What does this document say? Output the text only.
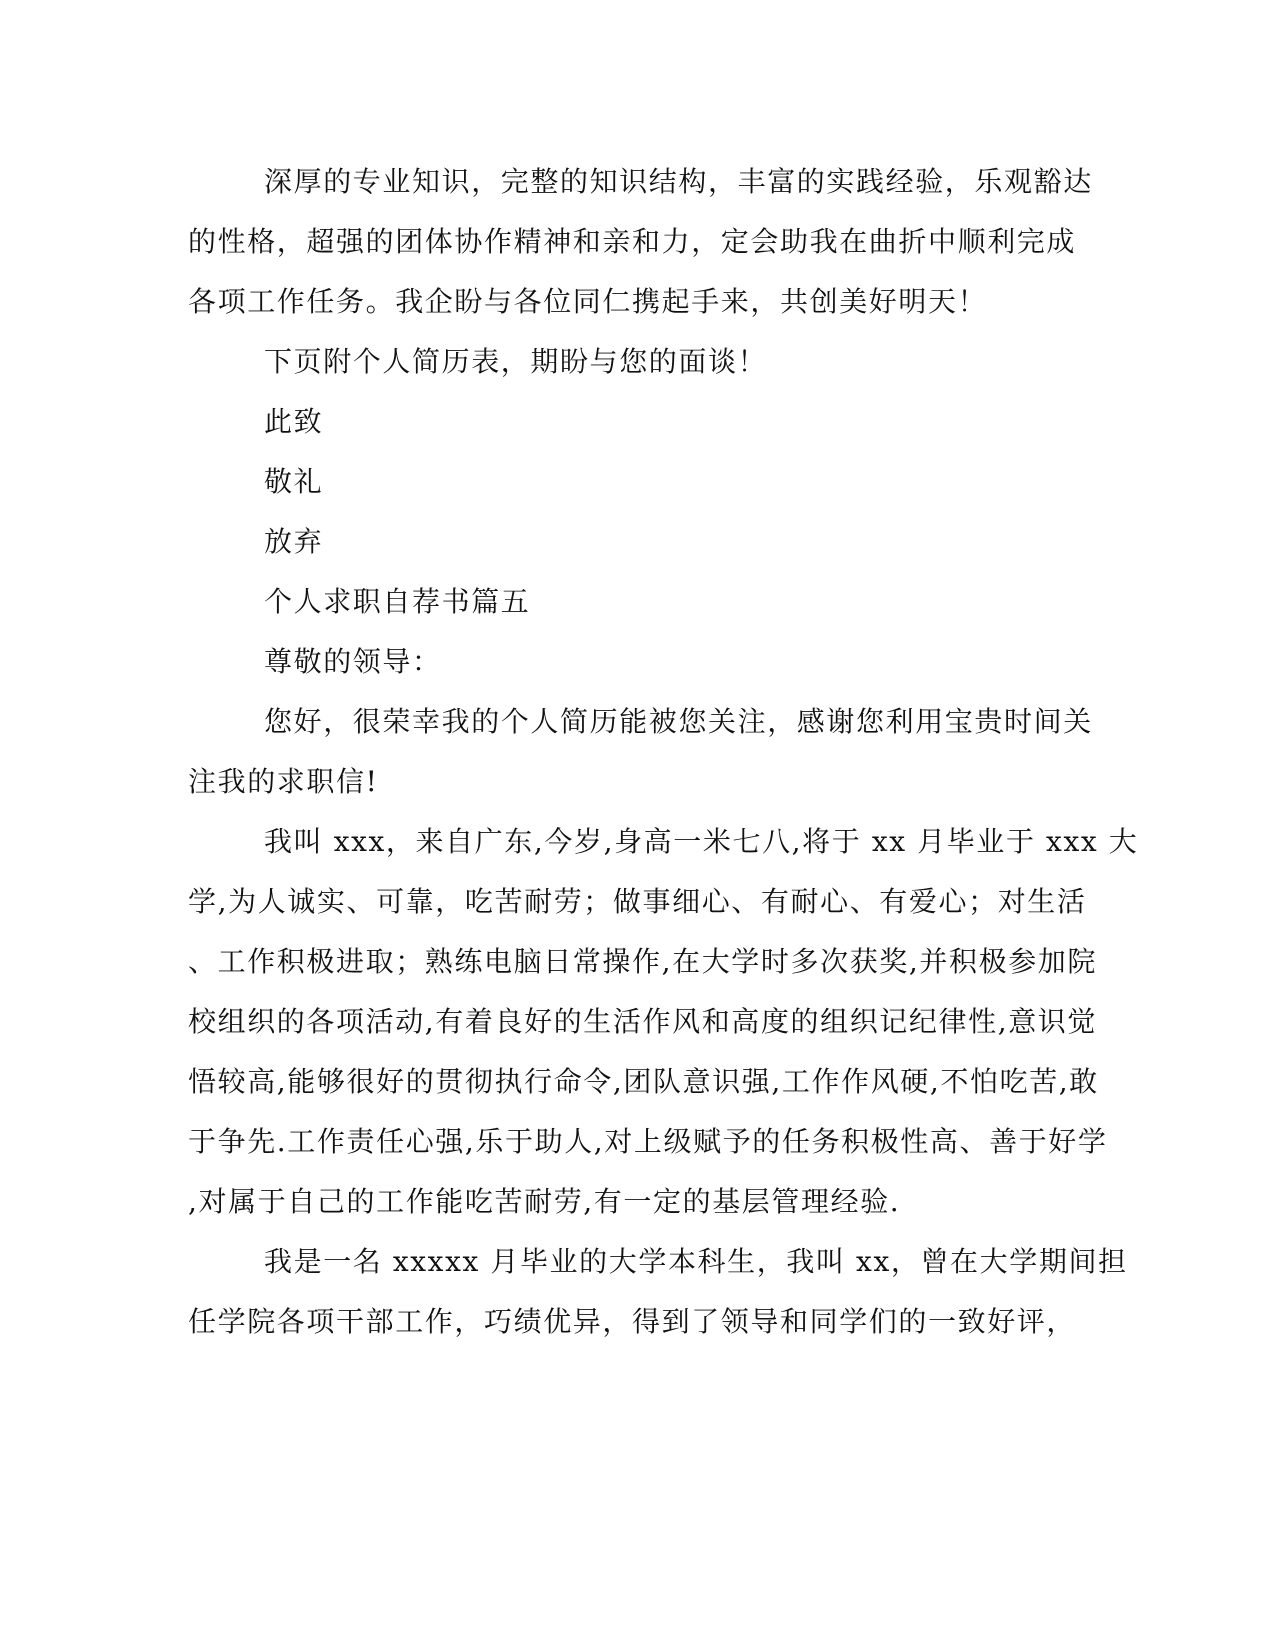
深厚的专业知识，完整的知识结构，丰富的实践经验，乐观豁达
的性格，超强的团体协作精神和亲和力，定会助我在曲折中顺利完成
各项工作任务。我企盼与各位同仁携起手来，共创美好明天！
下页附个人简历表，期盼与您的面谈！
此致
敬礼
放弃
个人求职自荐书篇五
尊敬的领导：
您好，很荣幸我的个人简历能被您关注，感谢您利用宝贵时间关
注我的求职信!
我叫 xxx，来自广东,今岁,身高一米七八,将于 xx 月毕业于 xxx 大
学,为人诚实、可靠，吃苦耐劳；做事细心、有耐心、有爱心；对生活
、工作积极进取；熟练电脑日常操作,在大学时多次获奖,并积极参加院
校组织的各项活动,有着良好的生活作风和高度的组织记纪律性,意识觉
悟较高,能够很好的贯彻执行命令,团队意识强,工作作风硬,不怕吃苦,敢
于争先.工作责任心强,乐于助人,对上级赋予的任务积极性高、善于好学
,对属于自己的工作能吃苦耐劳,有一定的基层管理经验.
我是一名 xxxxx 月毕业的大学本科生，我叫 xx，曾在大学期间担
任学院各项干部工作，巧绩优异，得到了领导和同学们的一致好评，
